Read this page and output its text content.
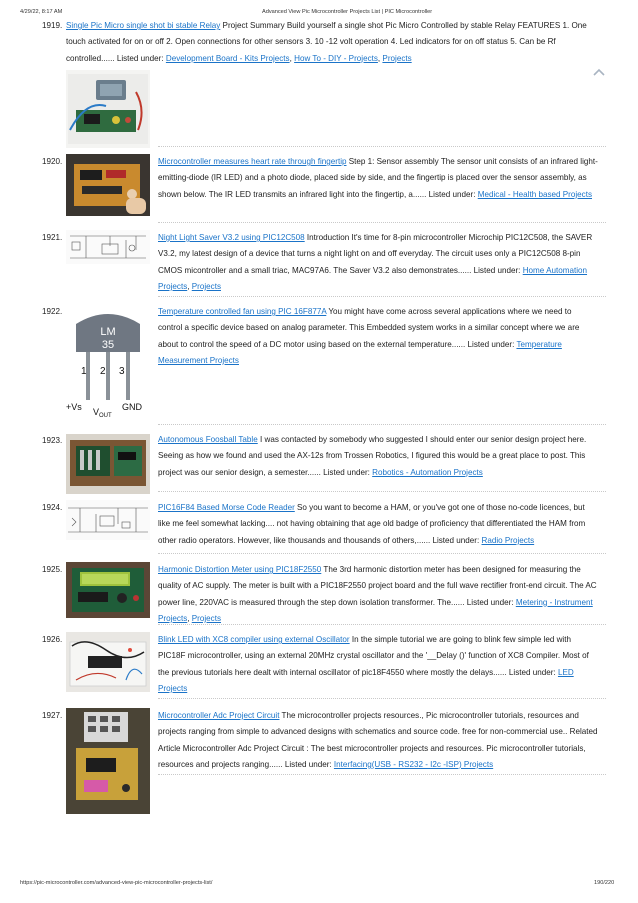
4/29/22, 8:17 AM	Advanced View Pic Microcontroller Projects List | PIC Microcontroller
1919. Single Pic Micro single shot bi stable Relay Project Summary Build yourself a single shot Pic Micro Controlled by stable Relay FEATURES 1. One touch activated for on or off 2. Open connections for other sensors 3. 10 -12 volt operation 4. Led indicators for on off status 5. Can be Rf controlled...... Listed under: Development Board - Kits Projects, How To - DIY - Projects, Projects
1920.	Microcontroller measures heart rate through fingertip Step 1: Sensor assembly The sensor unit consists of an infrared light-emitting-diode (IR LED) and a photo diode, placed side by side, and the fingertip is placed over the sensor assembly, as shown below. The IR LED transmits an infrared light into the fingertip, a...... Listed under: Medical - Health based Projects
1921.	Night Light Saver V3.2 using PIC12C508 Introduction It's time for 8-pin microcontroller Microchip PIC12C508, the SAVER V3.2, my latest design of a device that turns a night light on and off everyday. The circuit uses only a PIC12C508 8-pin CMOS micontroller and a small triac, MAC97A6. The Saver V3.2 also demonstrates...... Listed under: Home Automation Projects, Projects
1922.
LM
35
1 2 3
+Vs $V_{OUT}$
GND
Temperature controlled fan using PIC 16F877A You might have come across several applications where we need to control a specific device based on analog parameter. This Embedded system works in a similar concept where we are about to control the speed of a DC motor using based on the external temperature...... Listed under: Temperature Measurement Projects
1923.	Autonomous Foosball Table I was contacted by somebody who suggested I should enter our senior design project here. Seeing as how we found and used the AX-12s from Trossen Robotics, I figured this would be a great place to post. This project was our senior design, a semester...... Listed under: Robotics - Automation Projects
1924.	PIC16F84 Based Morse Code Reader So you want to become a HAM, or you've got one of those no-code licences, but like me feel somewhat lacking.... not having obtaining that age old badge of proficiency that differentiated the HAM from other radio operators. However, like thousands and thousands of others,...... Listed under: Radio Projects
1925.	Harmonic Distortion Meter using PIC18F2550 The 3rd harmonic distortion meter has been designed for measuring the quality of AC supply. The meter is built with a PIC18F2550 project board and the full wave rectifier front-end circuit. The AC power line, 220VAC is measured through the step down isolation transformer. The...... Listed under: Metering - Instrument Projects, Projects
1926.	Blink LED with XC8 compiler using external Oscillator In the simple tutorial we are going to blink few simple led with PIC18F microcontroller, using an external 20MHz crystal oscillator and the '__Delay ()' function of XC8 Compiler. Most of the previous tutorials here dealt with internal oscillator of pic18F4550 where mostly the delays...... Listed under: LED Projects
1927.	Microcontroller Adc Project Circuit The microcontroller projects resources., Pic microcontroller tutorials, resources and projects ranging from simple to advanced designs with schematics and source code. free for non-commercial use.. Related Article Microcontroller Adc Project Circuit : The best microcontroller projects and resources. Pic microcontroller tutorials, resources and projects ranging...... Listed under: Interfacing(USB - RS232 - I2c -ISP) Projects
https://pic-microcontroller.com/advanced-view-pic-microcontroller-projects-list/	190/220
